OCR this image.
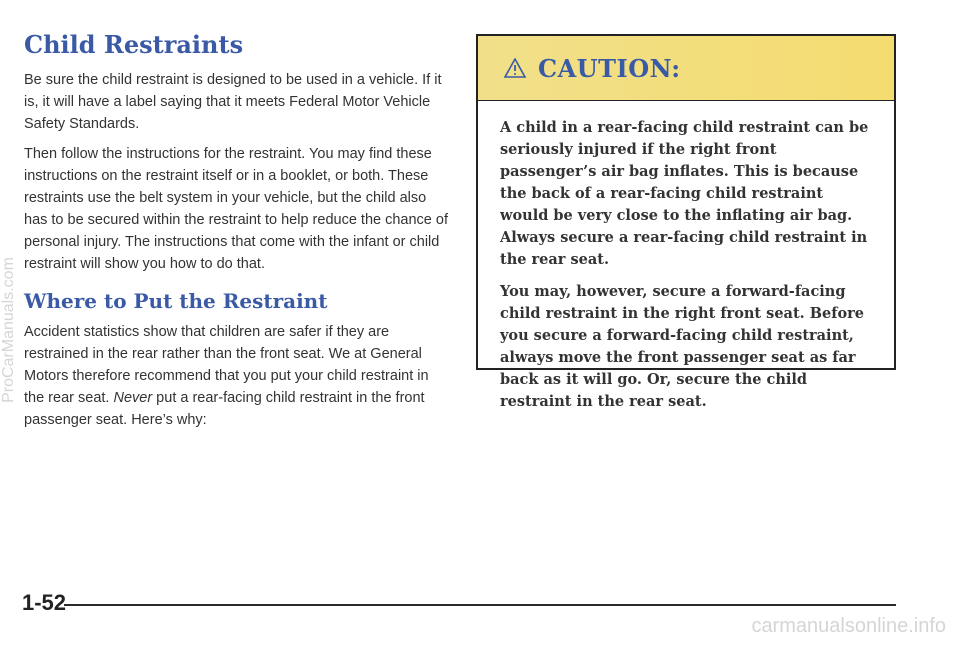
Child Restraints

Be sure the child restraint is designed to be used in a vehicle. If it is, it will have a label saying that it meets Federal Motor Vehicle Safety Standards.

Then follow the instructions for the restraint. You may find these instructions on the restraint itself or in a booklet, or both. These restraints use the belt system in your vehicle, but the child also has to be secured within the restraint to help reduce the chance of personal injury. The instructions that come with the infant or child restraint will show you how to do that.

Where to Put the Restraint

Accident statistics show that children are safer if they are restrained in the rear rather than the front seat. We at General Motors therefore recommend that you put your child restraint in the rear seat. Never put a rear-facing child restraint in the front passenger seat. Here’s why:

CAUTION:

A child in a rear-facing child restraint can be seriously injured if the right front passenger’s air bag inflates. This is because the back of a rear-facing child restraint would be very close to the inflating air bag. Always secure a rear-facing child restraint in the rear seat.

You may, however, secure a forward-facing child restraint in the right front seat. Before you secure a forward-facing child restraint, always move the front passenger seat as far back as it will go. Or, secure the child restraint in the rear seat.

1-52
ProCarManuals.com
carmanualsonline.info
